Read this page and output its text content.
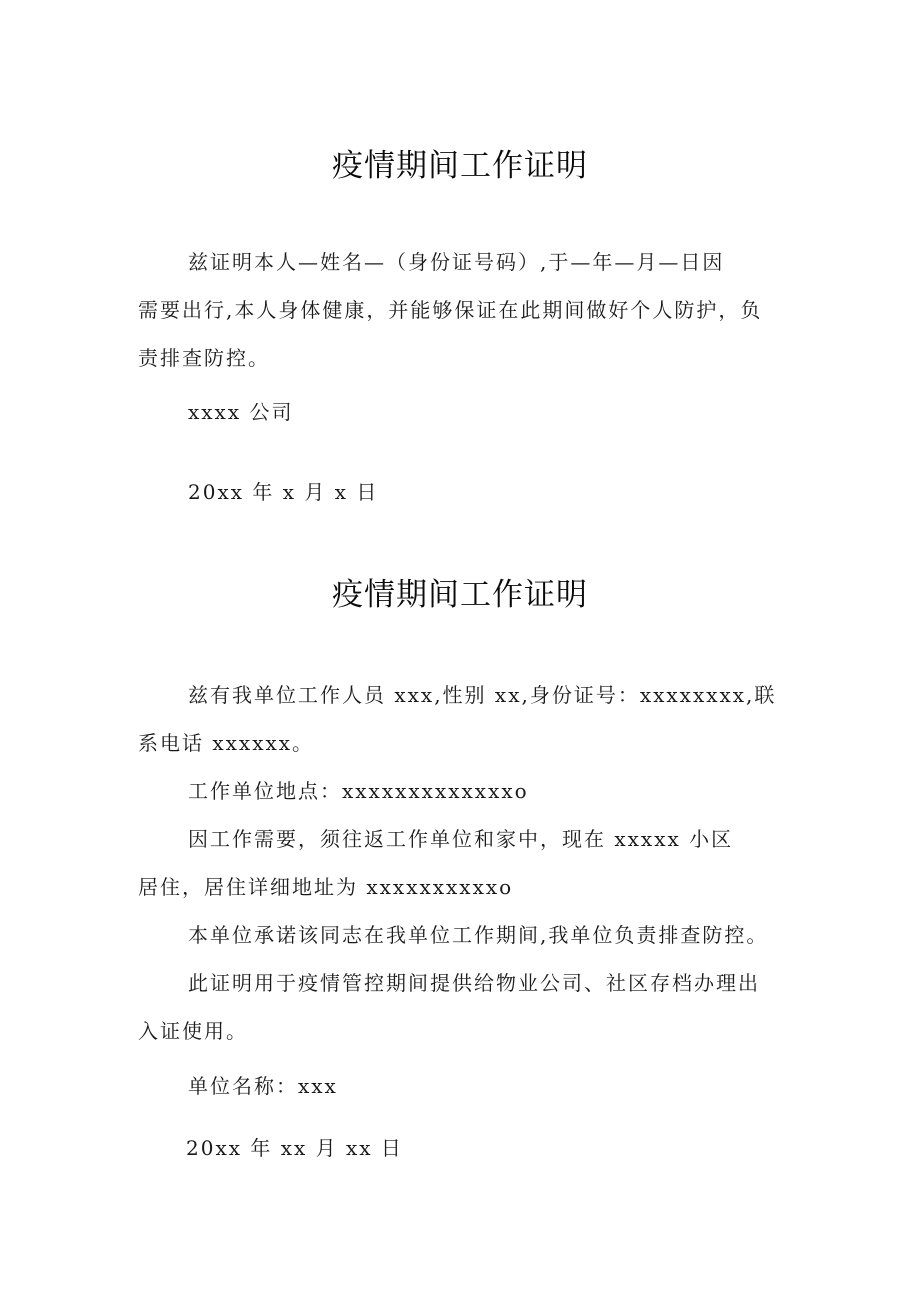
疫情期间工作证明

兹证明本人—姓名—（身份证号码）,于—年—月—日因

需要出行,本人身体健康，并能够保证在此期间做好个人防护，负

责排查防控。

xxxx 公司

20xx 年 x 月 x 日

疫情期间工作证明

兹有我单位工作人员 xxx,性别 xx,身份证号：xxxxxxxx,联

系电话 xxxxxx。

工作单位地点：xxxxxxxxxxxxxo

因工作需要，须往返工作单位和家中，现在 xxxxx 小区

居住，居住详细地址为 xxxxxxxxxxo

本单位承诺该同志在我单位工作期间,我单位负责排查防控。

此证明用于疫情管控期间提供给物业公司、社区存档办理出

入证使用。

单位名称：xxx

20xx 年 xx 月 xx 日
